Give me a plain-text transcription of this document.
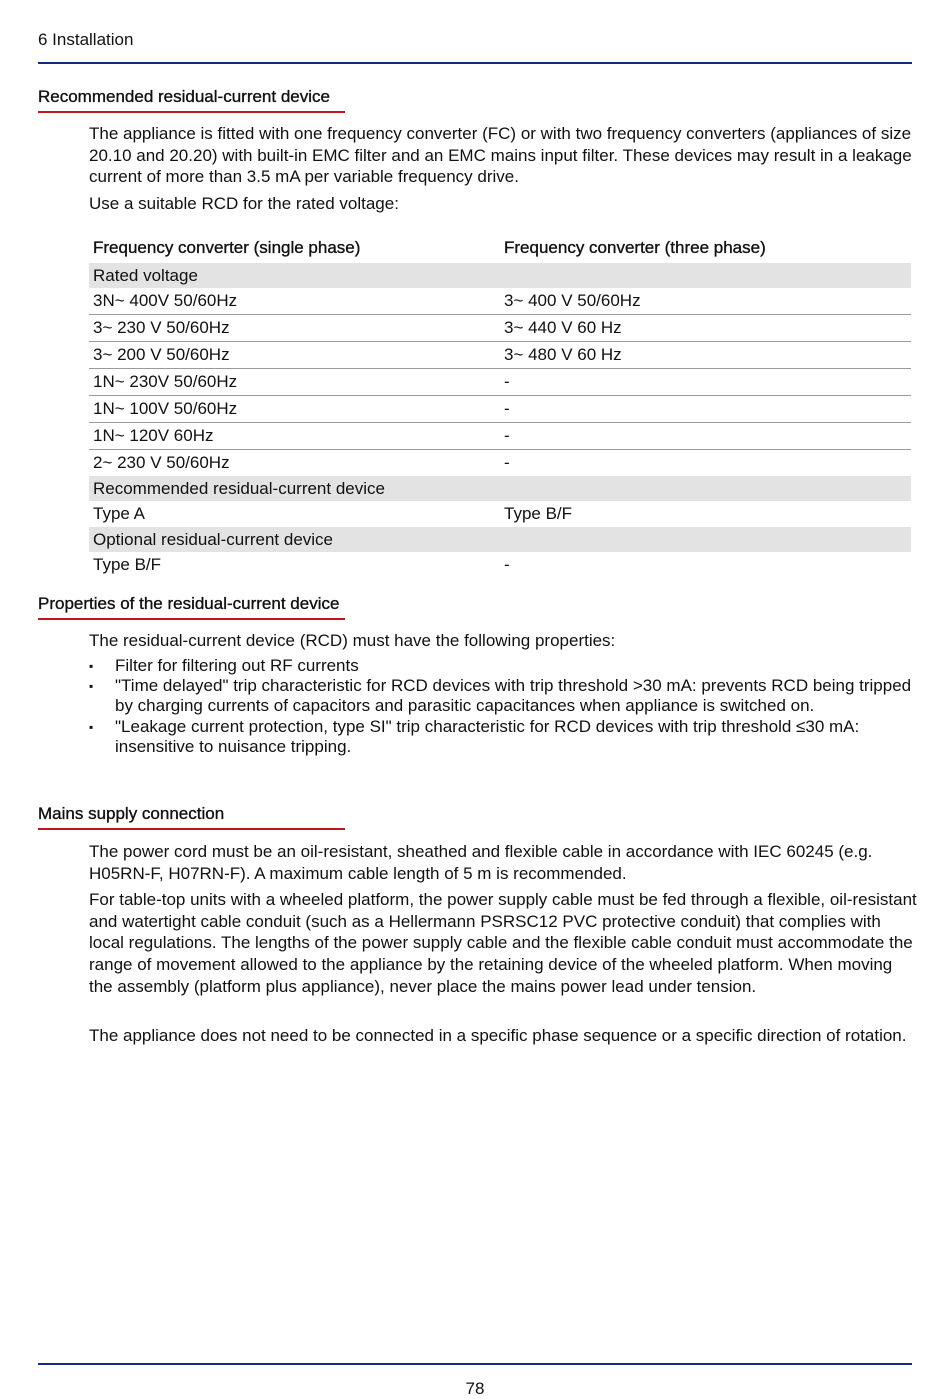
6 Installation
Recommended residual-current device

The appliance is fitted with one frequency converter (FC) or with two frequency converters (appliances of size 20.10 and 20.20) with built-in EMC filter and an EMC mains input filter. These devices may result in a leakage current of more than 3.5 mA per variable frequency drive.

Use a suitable RCD for the rated voltage:

Frequency converter (single phase)	Frequency converter (three phase)
Rated voltage
3N~ 400V 50/60Hz	3~ 400 V 50/60Hz
3~ 230 V 50/60Hz	3~ 440 V 60 Hz
3~ 200 V 50/60Hz	3~ 480 V 60 Hz
1N~ 230V 50/60Hz	-
1N~ 100V 50/60Hz	-
1N~ 120V 60Hz	-
2~ 230 V 50/60Hz	-
Recommended residual-current device
Type A	Type B/F
Optional residual-current device
Type B/F	-
Properties of the residual-current device

The residual-current device (RCD) must have the following properties:

▪ Filter for filtering out RF currents
▪ "Time delayed" trip characteristic for RCD devices with trip threshold >30 mA: prevents RCD being tripped by charging currents of capacitors and parasitic capacitances when appliance is switched on.
▪ "Leakage current protection, type SI" trip characteristic for RCD devices with trip threshold ≤30 mA: insensitive to nuisance tripping.
Mains supply connection

The power cord must be an oil-resistant, sheathed and flexible cable in accordance with IEC 60245 (e.g. H05RN-F, H07RN-F). A maximum cable length of 5 m is recommended.

For table-top units with a wheeled platform, the power supply cable must be fed through a flexible, oil-resistant and watertight cable conduit (such as a Hellermann PSRSC12 PVC protective conduit) that complies with local regulations. The lengths of the power supply cable and the flexible cable conduit must accommodate the range of movement allowed to the appliance by the retaining device of the wheeled platform. When moving the assembly (platform plus appliance), never place the mains power lead under tension.

The appliance does not need to be connected in a specific phase sequence or a specific direction of rotation.

78
